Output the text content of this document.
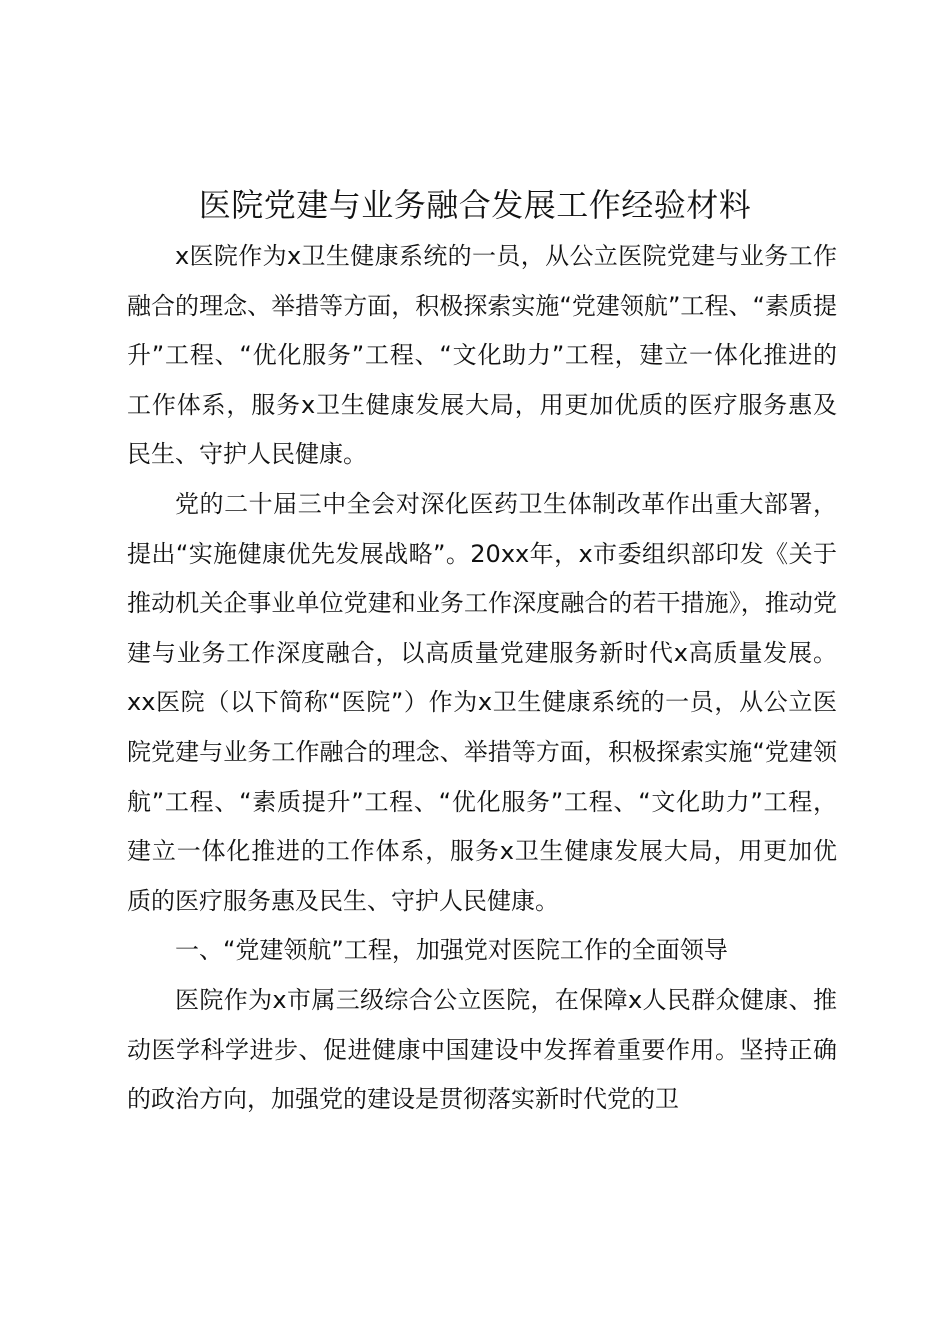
医院党建与业务融合发展工作经验材料

x医院作为x卫生健康系统的一员，从公立医院党建与业务工作融合的理念、举措等方面，积极探索实施“党建领航”工程、“素质提升”工程、“优化服务”工程、“文化助力”工程，建立一体化推进的工作体系，服务x卫生健康发展大局，用更加优质的医疗服务惠及民生、守护人民健康。

党的二十届三中全会对深化医药卫生体制改革作出重大部署，提出“实施健康优先发展战略”。20xx年，x市委组织部印发《关于推动机关企事业单位党建和业务工作深度融合的若干措施》，推动党建与业务工作深度融合，以高质量党建服务新时代x高质量发展。xx医院（以下简称“医院”）作为x卫生健康系统的一员，从公立医院党建与业务工作融合的理念、举措等方面，积极探索实施“党建领航”工程、“素质提升”工程、“优化服务”工程、“文化助力”工程，建立一体化推进的工作体系，服务x卫生健康发展大局，用更加优质的医疗服务惠及民生、守护人民健康。

一、“党建领航”工程，加强党对医院工作的全面领导

医院作为x市属三级综合公立医院，在保障x人民群众健康、推动医学科学进步、促进健康中国建设中发挥着重要作用。坚持正确的政治方向，加强党的建设是贯彻落实新时代党的卫
